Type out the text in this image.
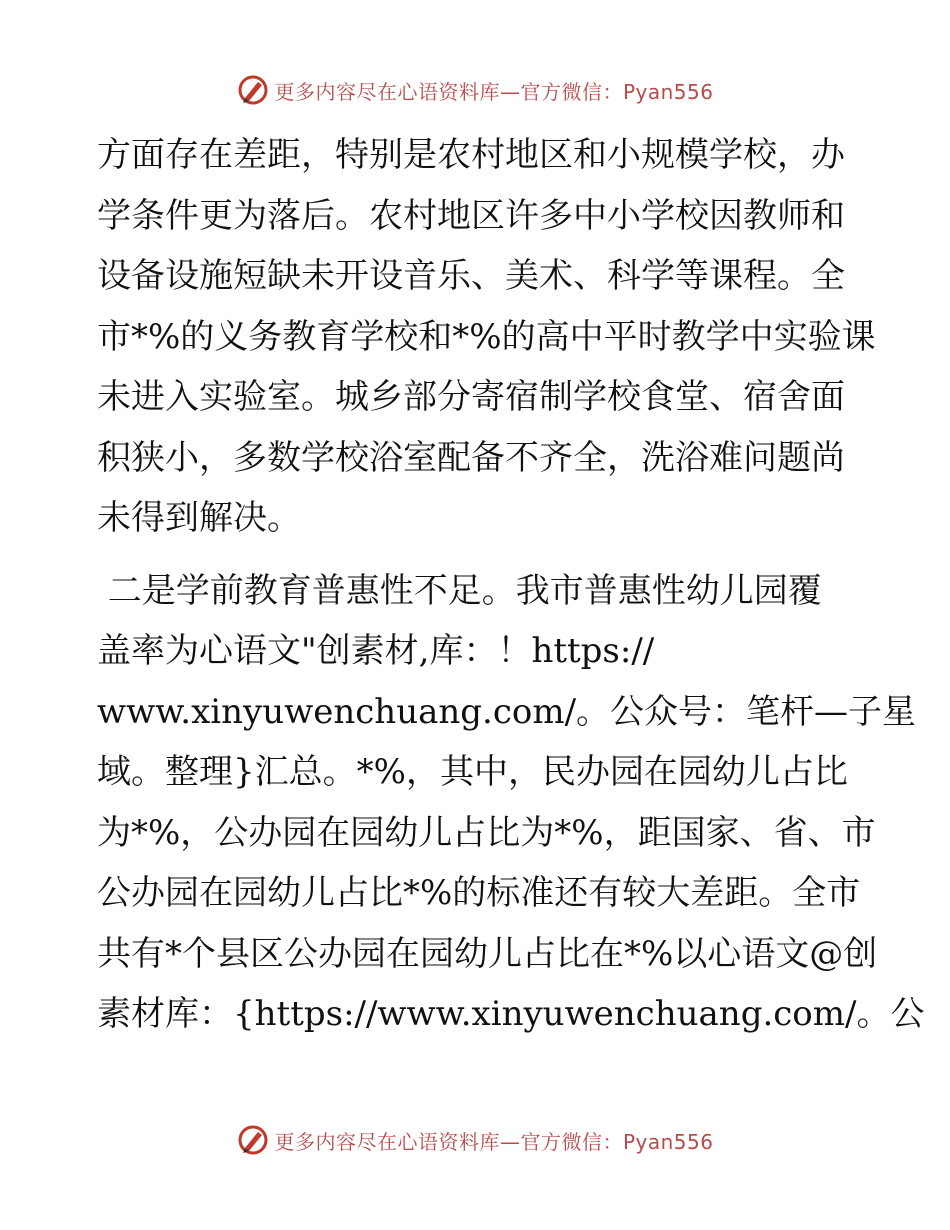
更多内容尽在心语资料库—官方微信：Pyan556

方面存在差距，特别是农村地区和小规模学校，办
学条件更为落后。农村地区许多中小学校因教师和
设备设施短缺未开设音乐、美术、科学等课程。全
市*%的义务教育学校和*%的高中平时教学中实验课
未进入实验室。城乡部分寄宿制学校食堂、宿舍面
积狭小，多数学校浴室配备不齐全，洗浴难问题尚
未得到解决。

二是学前教育普惠性不足。我市普惠性幼儿园覆
盖率为心语文"创素材,库：！https://
www.xinyuwenchuang.com/。公众号：笔杆—子星
域。整理}汇总。*%，其中，民办园在园幼儿占比
为*%，公办园在园幼儿占比为*%，距国家、省、市
公办园在园幼儿占比*%的标准还有较大差距。全市
共有*个县区公办园在园幼儿占比在*%以心语文@创
素材库：{https://www.xinyuwenchuang.com/。公

更多内容尽在心语资料库—官方微信：Pyan556
